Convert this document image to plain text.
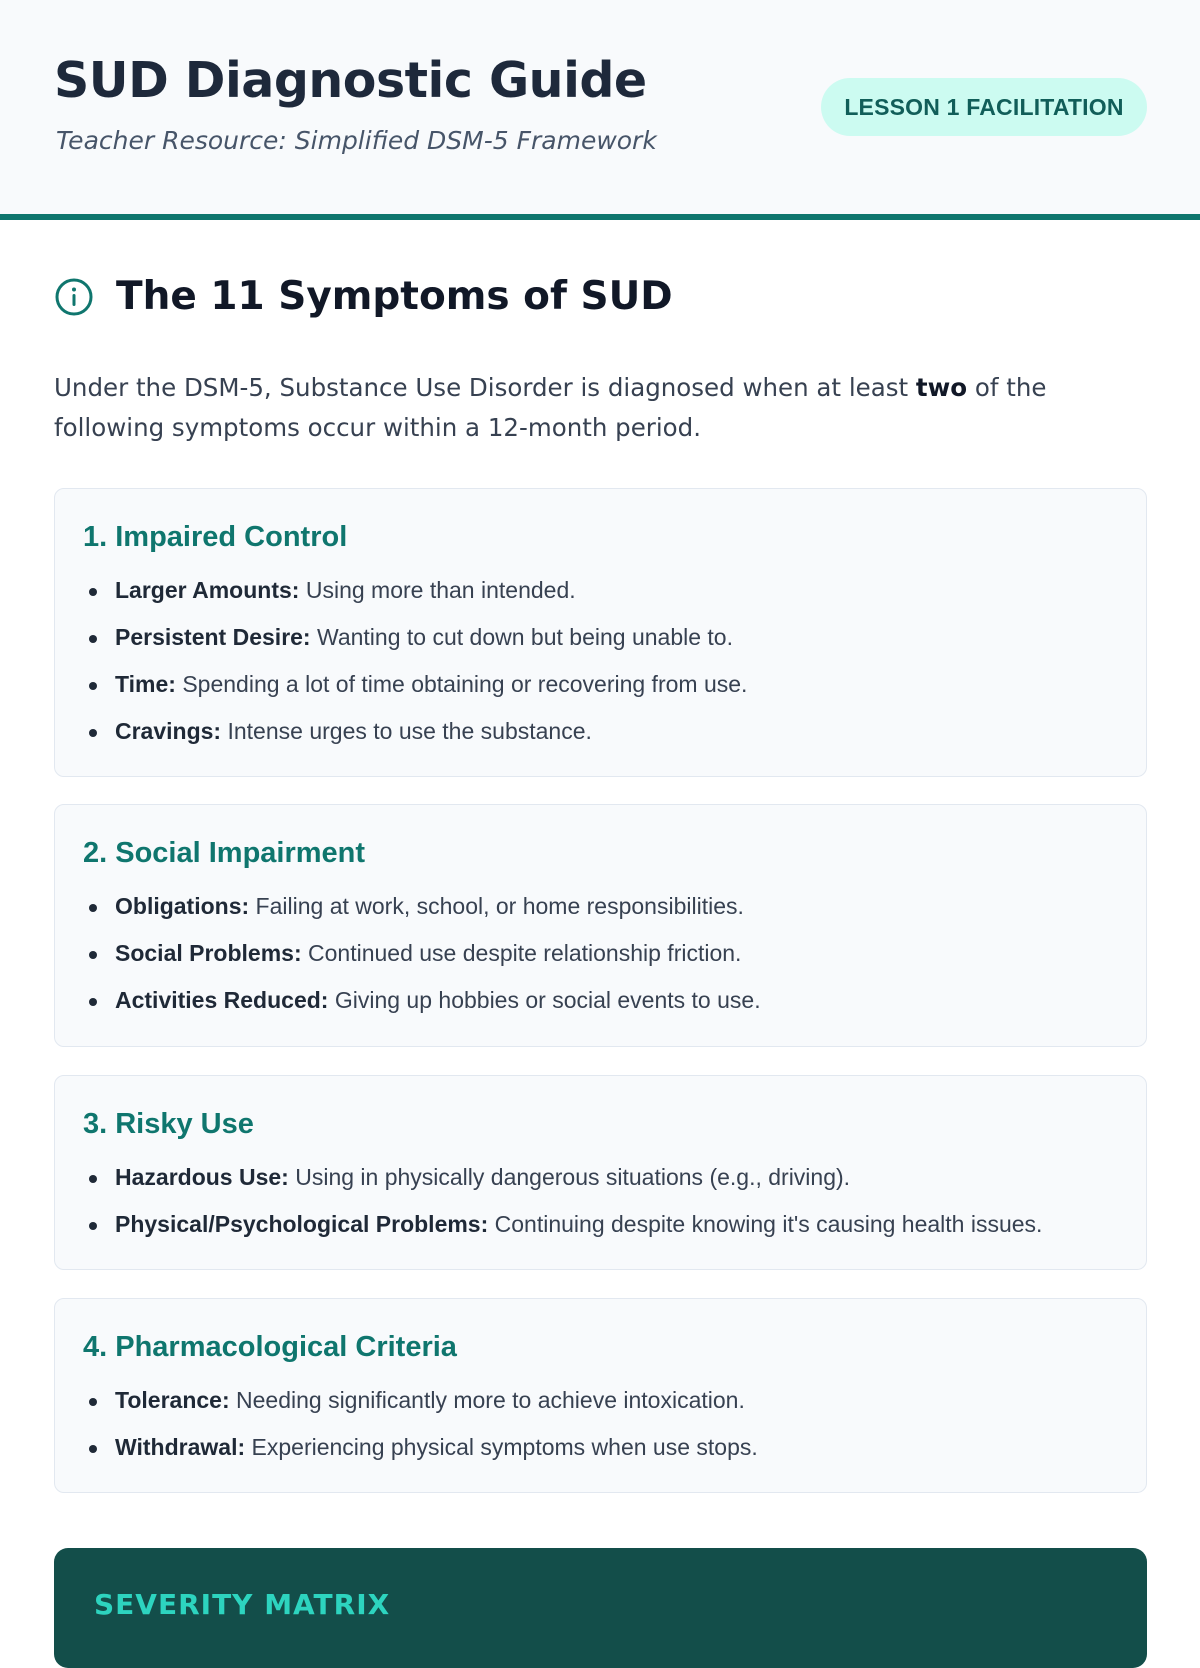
SUD Diagnostic Guide
Teacher Resource: Simplified DSM-5 Framework
LESSON 1 FACILITATION
The 11 Symptoms of SUD

Under the DSM-5, Substance Use Disorder is diagnosed when at least two of the following symptoms occur within a 12-month period.

1. Impaired Control
Larger Amounts: Using more than intended.
Persistent Desire: Wanting to cut down but being unable to.
Time: Spending a lot of time obtaining or recovering from use.
Cravings: Intense urges to use the substance.
2. Social Impairment
Obligations: Failing at work, school, or home responsibilities.
Social Problems: Continued use despite relationship friction.
Activities Reduced: Giving up hobbies or social events to use.
3. Risky Use
Hazardous Use: Using in physically dangerous situations (e.g., driving).
Physical/Psychological Problems: Continuing despite knowing it's causing health issues.
4. Pharmacological Criteria
Tolerance: Needing significantly more to achieve intoxication.
Withdrawal: Experiencing physical symptoms when use stops.
SEVERITY MATRIX
